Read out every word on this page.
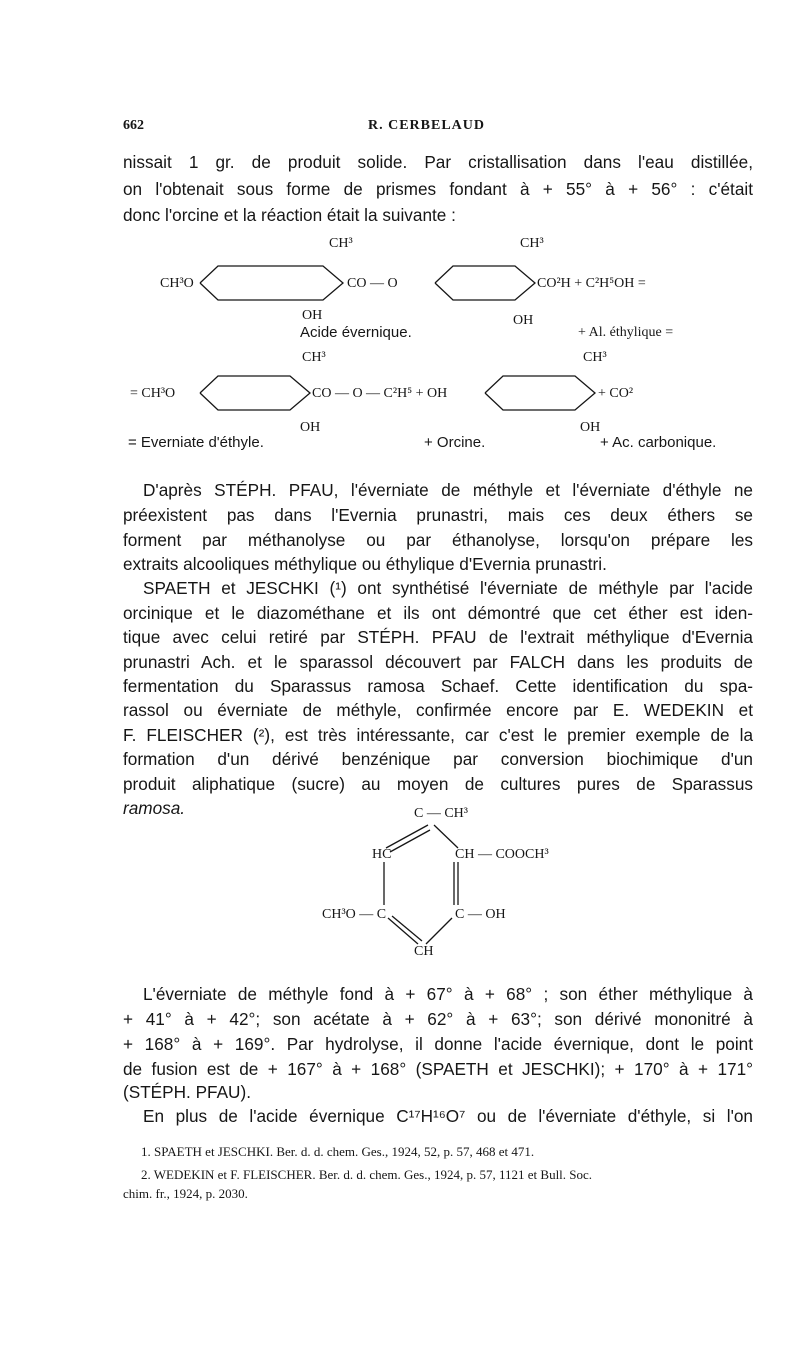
662	R. CERBELAUD
nissait 1 gr. de produit solide. Par cristallisation dans l'eau distillée,
on l'obtenait sous forme de prismes fondant à + 55° à + 56° : c'était
donc l'orcine et la réaction était la suivante :
CH³	CH³
CH³O	CO — O	CO²H + C²H⁵OH =
OH	OH
Acide évernique.	+ Al. éthylique =
CH³	CH³
= CH³O	CO — O — C²H⁵ + OH	+ CO²
OH	OH
= Everniate d'éthyle.	+ Orcine.	+ Ac. carbonique.
D'après STÉPH. PFAU, l'éverniate de méthyle et l'éverniate d'éthyle ne
préexistent pas dans l'Evernia prunastri, mais ces deux éthers se
forment par méthanolyse ou par éthanolyse, lorsqu'on prépare les
extraits alcooliques méthylique ou éthylique d'Evernia prunastri.
SPAETH et JESCHKI (¹) ont synthétisé l'éverniate de méthyle par l'acide
orcinique et le diazométhane et ils ont démontré que cet éther est iden-
tique avec celui retiré par STÉPH. PFAU de l'extrait méthylique d'Evernia
prunastri Ach. et le sparassol découvert par FALCH dans les produits de
fermentation du Sparassus ramosa Schaef. Cette identification du spa-
rassol ou éverniate de méthyle, confirmée encore par E. WEDEKIN et
F. FLEISCHER (²), est très intéressante, car c'est le premier exemple de la
formation d'un dérivé benzénique par conversion biochimique d'un
produit aliphatique (sucre) au moyen de cultures pures de Sparassus
ramosa.	C — CH³
HC	CH — COOCH³
CH³O — C	C — OH
CH
L'éverniate de méthyle fond à + 67° à + 68° ; son éther méthylique à
+ 41° à + 42°; son acétate à + 62° à + 63°; son dérivé mononitré à
+ 168° à + 169°. Par hydrolyse, il donne l'acide évernique, dont le point
de fusion est de + 167° à + 168° (SPAETH et JESCHKI); + 170° à + 171°
(STÉPH. PFAU).
En plus de l'acide évernique C¹⁷H¹⁶O⁷ ou de l'éverniate d'éthyle, si l'on
1. SPAETH et JESCHKI. Ber. d. d. chem. Ges., 1924, 52, p. 57, 468 et 471.
2. WEDEKIN et F. FLEISCHER. Ber. d. d. chem. Ges., 1924, p. 57, 1121 et Bull. Soc.
chim. fr., 1924, p. 2030.
